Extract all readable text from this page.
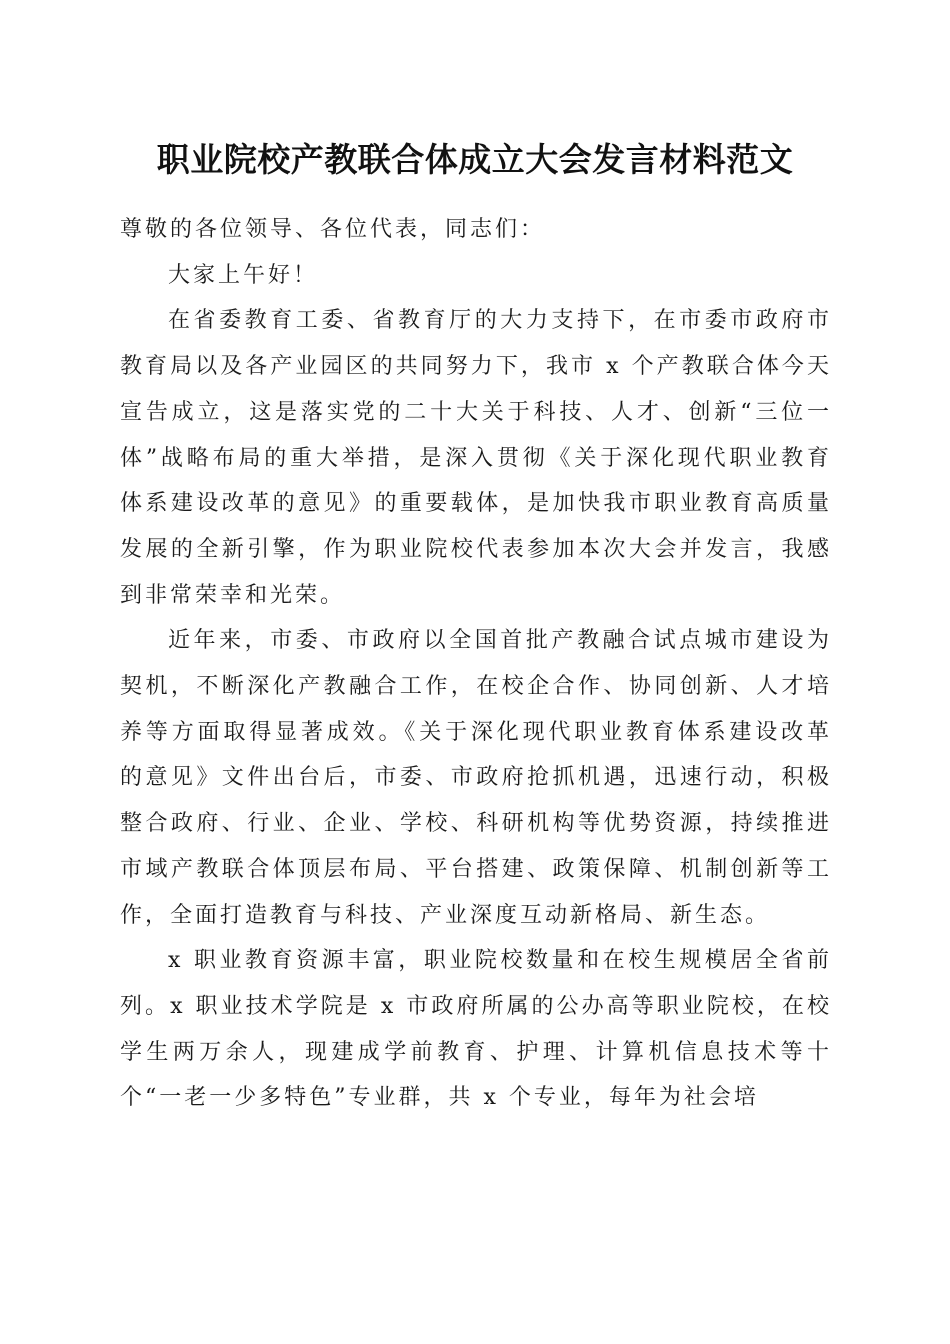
职业院校产教联合体成立大会发言材料范文

尊敬的各位领导、各位代表，同志们：

大家上午好！

在省委教育工委、省教育厅的大力支持下，在市委市政府市教育局以及各产业园区的共同努力下，我市 x 个产教联合体今天宣告成立，这是落实党的二十大关于科技、人才、创新“三位一体”战略布局的重大举措，是深入贯彻《关于深化现代职业教育体系建设改革的意见》的重要载体，是加快我市职业教育高质量发展的全新引擎，作为职业院校代表参加本次大会并发言，我感到非常荣幸和光荣。

近年来，市委、市政府以全国首批产教融合试点城市建设为契机，不断深化产教融合工作，在校企合作、协同创新、人才培养等方面取得显著成效。《关于深化现代职业教育体系建设改革的意见》文件出台后，市委、市政府抢抓机遇，迅速行动，积极整合政府、行业、企业、学校、科研机构等优势资源，持续推进市域产教联合体顶层布局、平台搭建、政策保障、机制创新等工作，全面打造教育与科技、产业深度互动新格局、新生态。

x 职业教育资源丰富，职业院校数量和在校生规模居全省前列。x 职业技术学院是 x 市政府所属的公办高等职业院校，在校学生两万余人，现建成学前教育、护理、计算机信息技术等十个“一老一少多特色”专业群，共 x 个专业，每年为社会培
